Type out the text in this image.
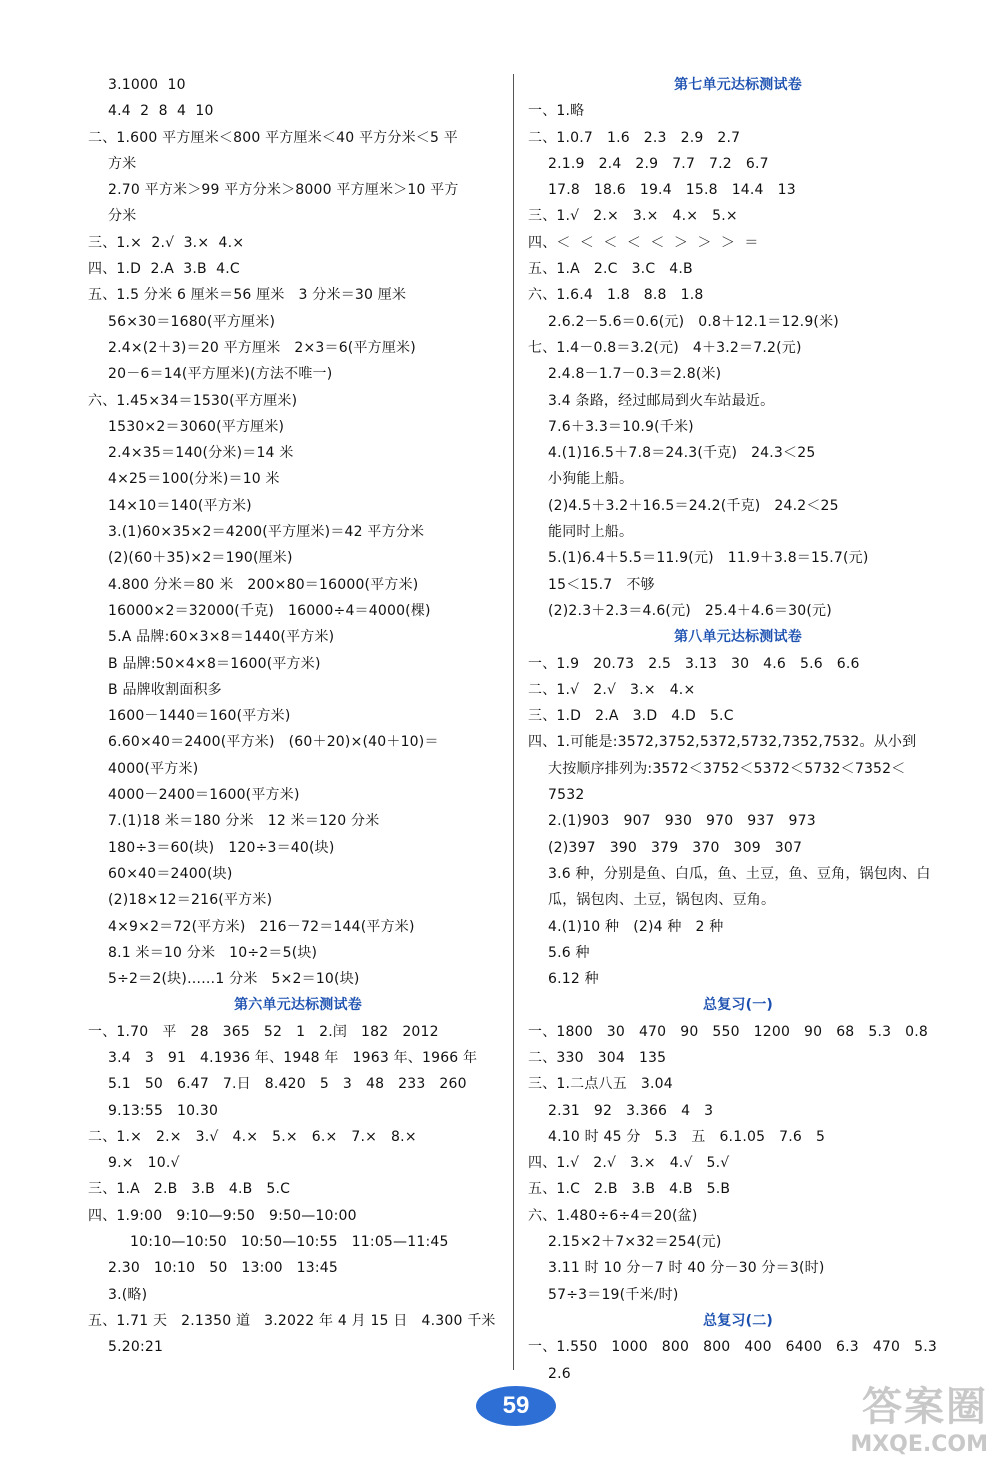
3.1000  10
4.4  2  8  4  10
二、1.600 平方厘米＜800 平方厘米＜40 平方分米＜5 平
方米
2.70 平方米＞99 平方分米＞8000 平方厘米＞10 平方
分米
三、1.×  2.√  3.×  4.×
四、1.D  2.A  3.B  4.C
五、1.5 分米 6 厘米＝56 厘米   3 分米＝30 厘米
56×30＝1680(平方厘米)
2.4×(2＋3)＝20 平方厘米   2×3＝6(平方厘米)
20－6＝14(平方厘米)(方法不唯一)
六、1.45×34＝1530(平方厘米)
1530×2＝3060(平方厘米)
2.4×35＝140(分米)＝14 米
4×25＝100(分米)＝10 米
14×10＝140(平方米)
3.(1)60×35×2＝4200(平方厘米)＝42 平方分米
(2)(60＋35)×2＝190(厘米)
4.800 分米＝80 米   200×80＝16000(平方米)
16000×2＝32000(千克)   16000÷4＝4000(棵)
5.A 品牌:60×3×8＝1440(平方米)
B 品牌:50×4×8＝1600(平方米)
B 品牌收割面积多
1600－1440＝160(平方米)
6.60×40＝2400(平方米)   (60＋20)×(40＋10)＝
4000(平方米)
4000－2400＝1600(平方米)
7.(1)18 米＝180 分米   12 米＝120 分米
180÷3＝60(块)   120÷3＝40(块)
60×40＝2400(块)
(2)18×12＝216(平方米)
4×9×2＝72(平方米)   216－72＝144(平方米)
8.1 米＝10 分米   10÷2＝5(块)
5÷2＝2(块)……1 分米   5×2＝10(块)
第六单元达标测试卷
一、1.70   平   28   365   52   1   2.闰   182   2012
3.4   3   91   4.1936 年、1948 年   1963 年、1966 年
5.1   50   6.47   7.日   8.420   5   3   48   233   260
9.13:55   10.30
二、1.×   2.×   3.√   4.×   5.×   6.×   7.×   8.×
9.×   10.√
三、1.A   2.B   3.B   4.B   5.C
四、1.9:00   9:10—9:50   9:50—10:00
10:10—10:50   10:50—10:55   11:05—11:45
2.30   10:10   50   13:00   13:45
3.(略)
五、1.71 天   2.1350 道   3.2022 年 4 月 15 日   4.300 千米
5.20:21
第七单元达标测试卷
一、1.略
二、1.0.7   1.6   2.3   2.9   2.7
2.1.9   2.4   2.9   7.7   7.2   6.7
17.8   18.6   19.4   15.8   14.4   13
三、1.√   2.×   3.×   4.×   5.×
四、＜  ＜  ＜  ＜  ＜  ＞  ＞  ＞  ＝
五、1.A   2.C   3.C   4.B
六、1.6.4   1.8   8.8   1.8
2.6.2－5.6＝0.6(元)   0.8＋12.1＝12.9(米)
七、1.4－0.8＝3.2(元)   4＋3.2＝7.2(元)
2.4.8－1.7－0.3＝2.8(米)
3.4 条路，经过邮局到火车站最近。
7.6＋3.3＝10.9(千米)
4.(1)16.5＋7.8＝24.3(千克)   24.3＜25
小狗能上船。
(2)4.5＋3.2＋16.5＝24.2(千克)   24.2＜25
能同时上船。
5.(1)6.4＋5.5＝11.9(元)   11.9＋3.8＝15.7(元)
15＜15.7   不够
(2)2.3＋2.3＝4.6(元)   25.4＋4.6＝30(元)
第八单元达标测试卷
一、1.9   20.73   2.5   3.13   30   4.6   5.6   6.6
二、1.√   2.√   3.×   4.×
三、1.D   2.A   3.D   4.D   5.C
四、1.可能是:3572,3752,5372,5732,7352,7532。从小到
大按顺序排列为:3572＜3752＜5372＜5732＜7352＜
7532
2.(1)903   907   930   970   937   973
(2)397   390   379   370   309   307
3.6 种，分别是鱼、白瓜，鱼、土豆，鱼、豆角，锅包肉、白
瓜，锅包肉、土豆，锅包肉、豆角。
4.(1)10 种   (2)4 种   2 种
5.6 种
6.12 种
总复习(一)
一、1800   30   470   90   550   1200   90   68   5.3   0.8
二、330   304   135
三、1.二点八五   3.04
2.31   92   3.366   4   3
4.10 时 45 分   5.3   五   6.1.05   7.6   5
四、1.√   2.√   3.×   4.√   5.√
五、1.C   2.B   3.B   4.B   5.B
六、1.480÷6÷4＝20(盆)
2.15×2＋7×32＝254(元)
3.11 时 10 分－7 时 40 分－30 分＝3(时)
57÷3＝19(千米/时)
总复习(二)
一、1.550   1000   800   800   400   6400   6.3   470   5.3
2.6
59	答案圈
MXQE.COM
